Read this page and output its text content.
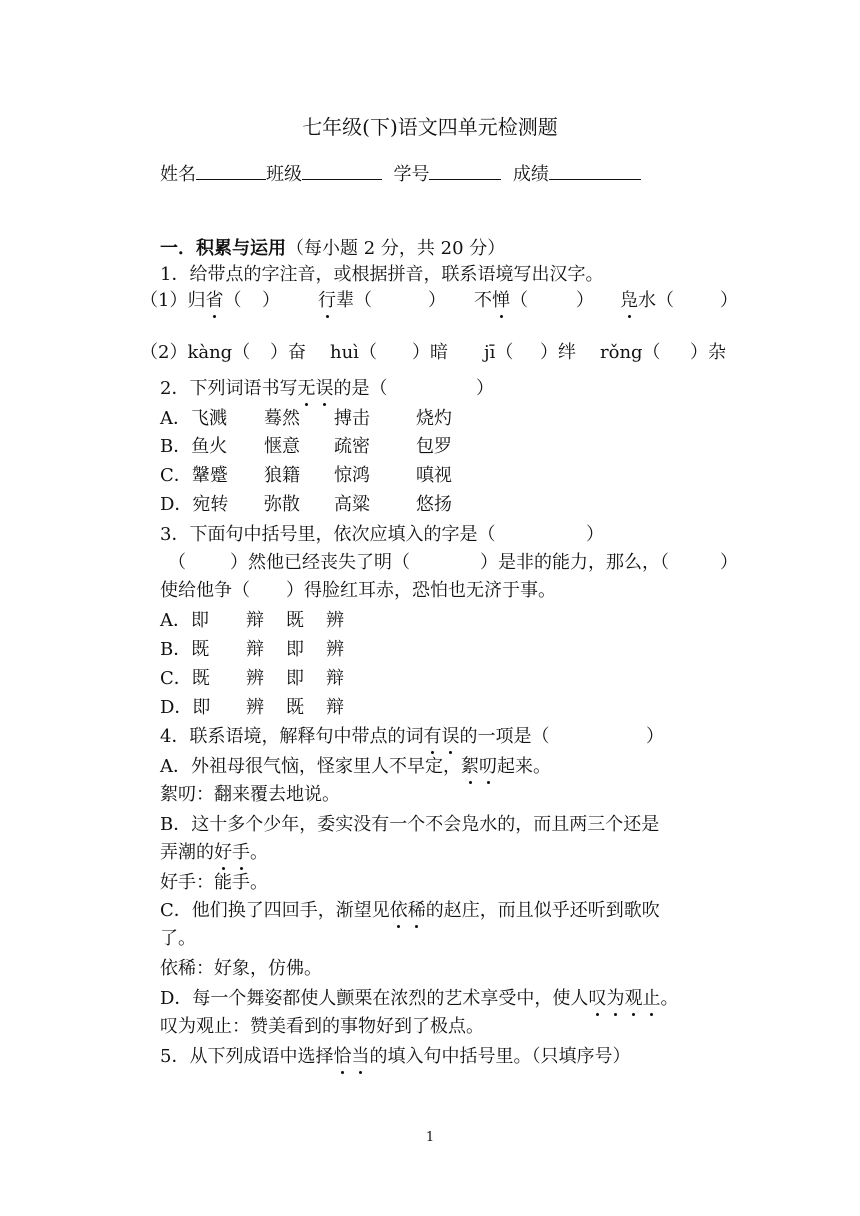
七年级(下)语文四单元检测题
姓名	班级	学号	成绩
一．积累与运用（每小题 2 分，共 20 分）
1．给带点的字注音，或根据拼音，联系语境写出汉字。
（1）归省（ ） 行辈（	） 不惮（	） 凫水（	）
（2）kàng（ ）奋 huì（ ）暗 jī（ ）绊 rǒng（ ）杂
2．下列词语书写无误的是（	）
A．飞溅 蓦然 搏击	烧灼
B．鱼火 惬意 疏密	包罗
C．鞶蹙 狼籍 惊鸿	嗔视
D．宛转 弥散 高粱	悠扬
3．下面句中括号里，依次应填入的字是（	）
（ ）然他已经丧失了明（	）是非的能力，那么，（	）
使给他争（　　）得脸红耳赤，恐怕也无济于事。
A．即 辩 既 辨
B．既 辩 即 辨
C．既 辨 即 辩
D．即 辨 既 辩
4．联系语境，解释句中带点的词有误的一项是（	）
A．外祖母很气恼，怪家里人不早定，絮叨起来。
絮叨：翻来覆去地说。
B．这十多个少年，委实没有一个不会凫水的，而且两三个还是
弄潮的好手。
好手：能手。
C．他们换了四回手，渐望见依稀的赵庄，而且似乎还听到歌吹
了。
依稀：好象，仿佛。
D．每一个舞姿都使人颤栗在浓烈的艺术享受中，使人叹为观止。
叹为观止：赞美看到的事物好到了极点。
5．从下列成语中选择恰当的填入句中括号里。（只填序号）
1
